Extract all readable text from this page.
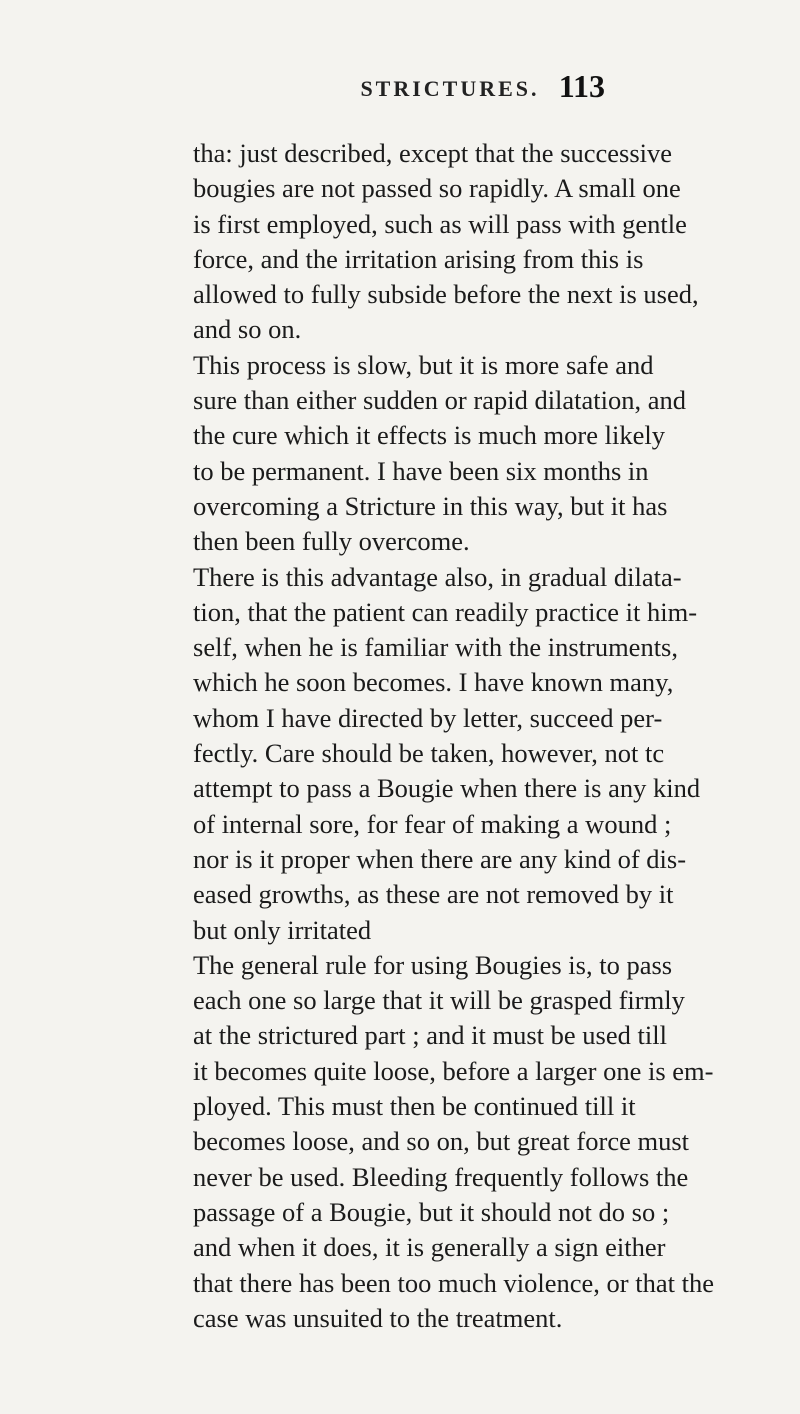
STRICTURES. 113

tha: just described, except that the successive
bougies are not passed so rapidly. A small one
is first employed, such as will pass with gentle
force, and the irritation arising from this is
allowed to fully subside before the next is used,
and so on.

This process is slow, but it is more safe and
sure than either sudden or rapid dilatation, and
the cure which it effects is much more likely
to be permanent. I have been six months in
overcoming a Stricture in this way, but it has
then been fully overcome.

There is this advantage also, in gradual dilata-
tion, that the patient can readily practice it him-
self, when he is familiar with the instruments,
which he soon becomes. I have known many,
whom I have directed by letter, succeed per-
fectly. Care should be taken, however, not tc
attempt to pass a Bougie when there is any kind
of internal sore, for fear of making a wound ;
nor is it proper when there are any kind of dis-
eased growths, as these are not removed by it
but only irritated

The general rule for using Bougies is, to pass
each one so large that it will be grasped firmly
at the strictured part ; and it must be used till
it becomes quite loose, before a larger one is em-
ployed. This must then be continued till it
becomes loose, and so on, but great force must
never be used. Bleeding frequently follows the
passage of a Bougie, but it should not do so ;
and when it does, it is generally a sign either
that there has been too much violence, or that the
case was unsuited to the treatment.
